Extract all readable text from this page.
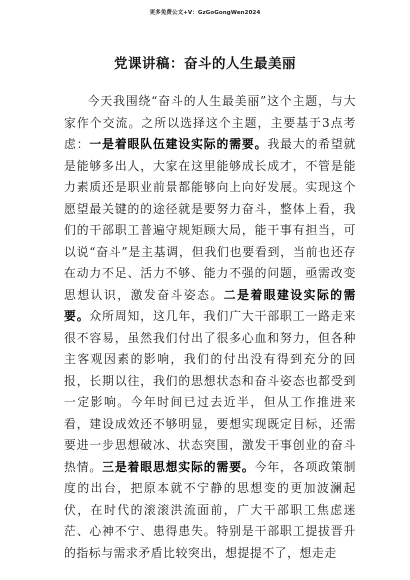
更多免费公文+V：GzGoGongWen2024
党课讲稿：奋斗的人生最美丽

今天我围绕“奋斗的人生最美丽”这个主题，与大家作个交流。之所以选择这个主题，主要基于3点考虑：一是着眼队伍建设实际的需要。我最大的希望就是能够多出人，大家在这里能够成长成才，不管是能力素质还是职业前景都能够向上向好发展。实现这个愿望最关键的的途径就是要努力奋斗，整体上看，我们的干部职工普遍守规矩顾大局，能干事有担当，可以说“奋斗”是主基调，但我们也要看到，当前也还存在动力不足、活力不够、能力不强的问题，亟需改变思想认识，激发奋斗姿态。二是着眼建设实际的需要。众所周知，这几年，我们广大干部职工一路走来很不容易，虽然我们付出了很多心血和努力，但各种主客观因素的影响，我们的付出没有得到充分的回报，长期以往，我们的思想状态和奋斗姿态也都受到一定影响。今年时间已过去近半，但从工作推进来看，建设成效还不够明显，要想实现既定目标，还需要进一步思想破冰、状态突围，激发干事创业的奋斗热情。三是着眼思想实际的需要。今年，各项政策制度的出台，把原本就不宁静的思想变的更加波澜起伏，在时代的滚滚洪流面前，广大干部职工焦虑迷茫、心神不宁、患得患失。特别是干部职工提拔晋升的指标与需求矛盾比较突出，想提提不了，想走走
